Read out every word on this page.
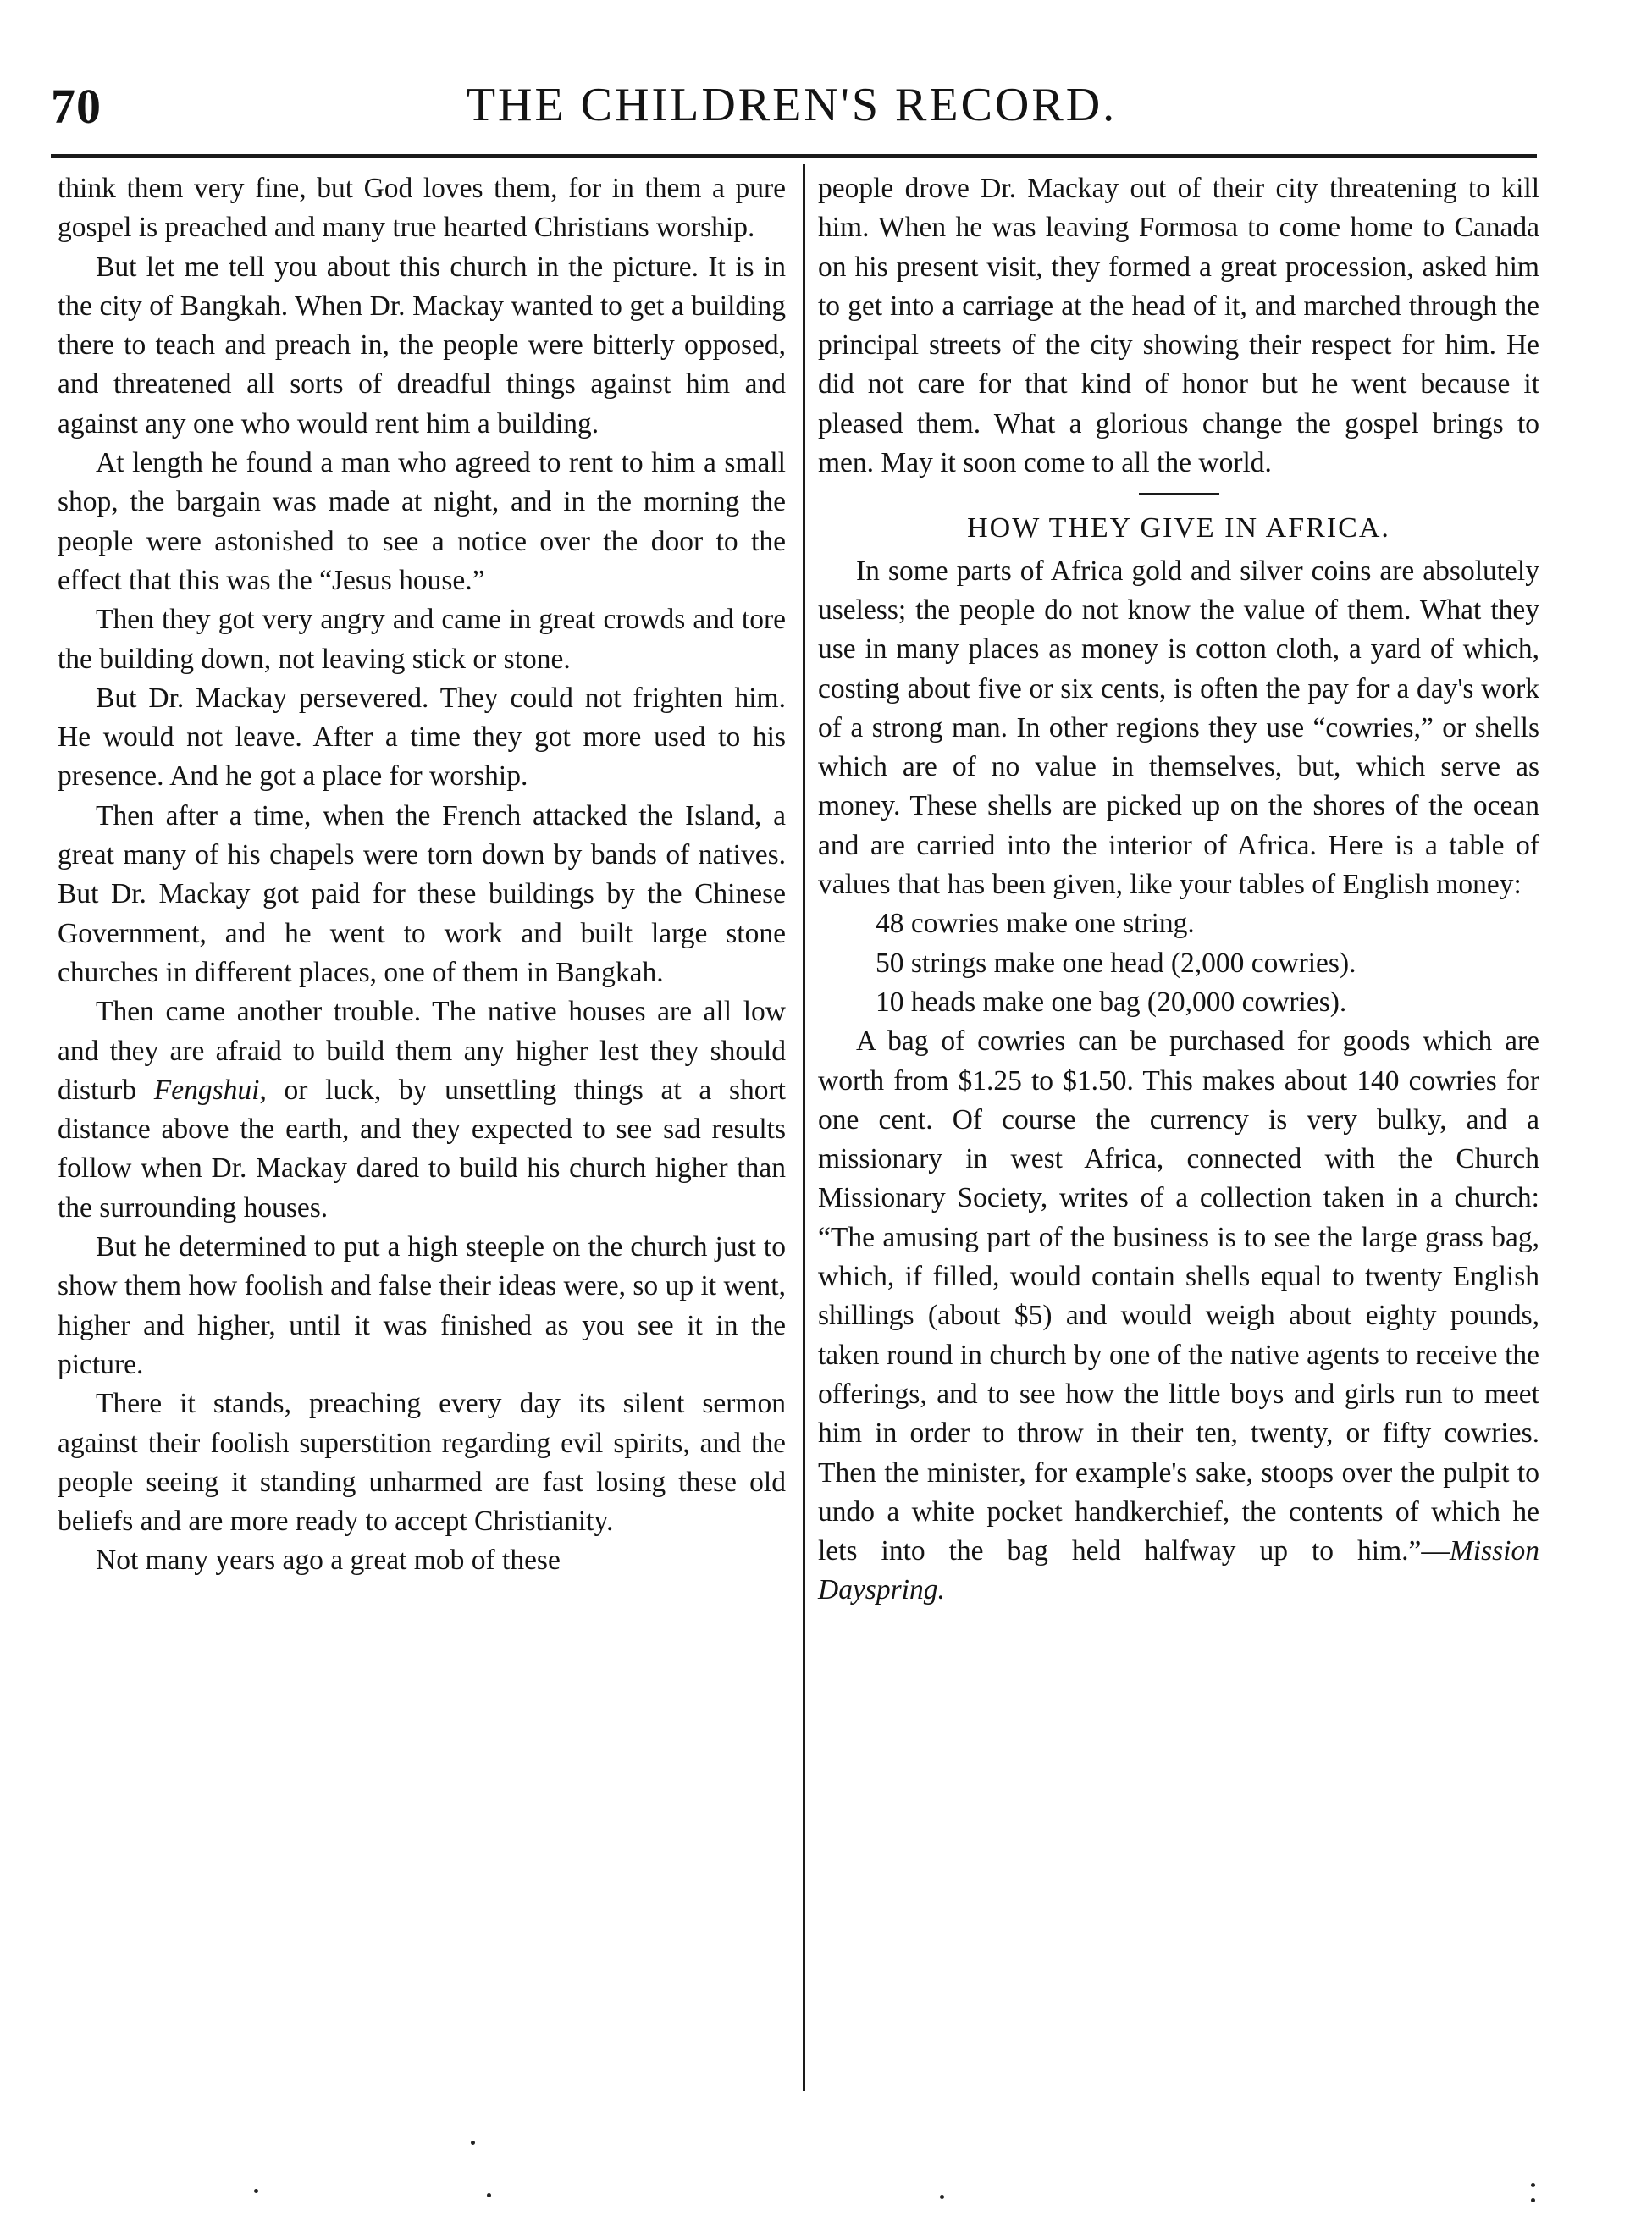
THE CHILDREN'S RECORD.
70

think them very fine, but God loves them, for in them a pure gospel is preached and many true hearted Christians worship.

But let me tell you about this church in the picture. It is in the city of Bangkah. When Dr. Mackay wanted to get a building there to teach and preach in, the people were bitterly opposed, and threatened all sorts of dreadful things against him and against any one who would rent him a building.

At length he found a man who agreed to rent to him a small shop, the bargain was made at night, and in the morning the people were astonished to see a notice over the door to the effect that this was the “Jesus house.”

Then they got very angry and came in great crowds and tore the building down, not leaving stick or stone.

But Dr. Mackay persevered. They could not frighten him. He would not leave. After a time they got more used to his presence. And he got a place for worship.

Then after a time, when the French attacked the Island, a great many of his chapels were torn down by bands of natives. But Dr. Mackay got paid for these buildings by the Chinese Government, and he went to work and built large stone churches in different places, one of them in Bangkah.

Then came another trouble. The native houses are all low and they are afraid to build them any higher lest they should disturb Fengshui, or luck, by unsettling things at a short distance above the earth, and they expected to see sad results follow when Dr. Mackay dared to build his church higher than the surrounding houses.

But he determined to put a high steeple on the church just to show them how foolish and false their ideas were, so up it went, higher and higher, until it was finished as you see it in the picture.

There it stands, preaching every day its silent sermon against their foolish superstition regarding evil spirits, and the people seeing it standing unharmed are fast losing these old beliefs and are more ready to accept Christianity.

Not many years ago a great mob of these

people drove Dr. Mackay out of their city threatening to kill him. When he was leaving Formosa to come home to Canada on his present visit, they formed a great procession, asked him to get into a carriage at the head of it, and marched through the principal streets of the city showing their respect for him. He did not care for that kind of honor but he went because it pleased them. What a glorious change the gospel brings to men. May it soon come to all the world.

HOW THEY GIVE IN AFRICA.

In some parts of Africa gold and silver coins are absolutely useless; the people do not know the value of them. What they use in many places as money is cotton cloth, a yard of which, costing about five or six cents, is often the pay for a day's work of a strong man. In other regions they use “cowries,” or shells which are of no value in themselves, but, which serve as money. These shells are picked up on the shores of the ocean and are carried into the interior of Africa. Here is a table of values that has been given, like your tables of English money:

48 cowries make one string.

50 strings make one head (2,000 cowries).

10 heads make one bag (20,000 cowries).

A bag of cowries can be purchased for goods which are worth from $1.25 to $1.50. This makes about 140 cowries for one cent. Of course the currency is very bulky, and a missionary in west Africa, connected with the Church Missionary Society, writes of a collection taken in a church: “The amusing part of the business is to see the large grass bag, which, if filled, would contain shells equal to twenty English shillings (about $5) and would weigh about eighty pounds, taken round in church by one of the native agents to receive the offerings, and to see how the little boys and girls run to meet him in order to throw in their ten, twenty, or fifty cowries. Then the minister, for example's sake, stoops over the pulpit to undo a white pocket handkerchief, the contents of which he lets into the bag held halfway up to him.”—Mission Dayspring.
